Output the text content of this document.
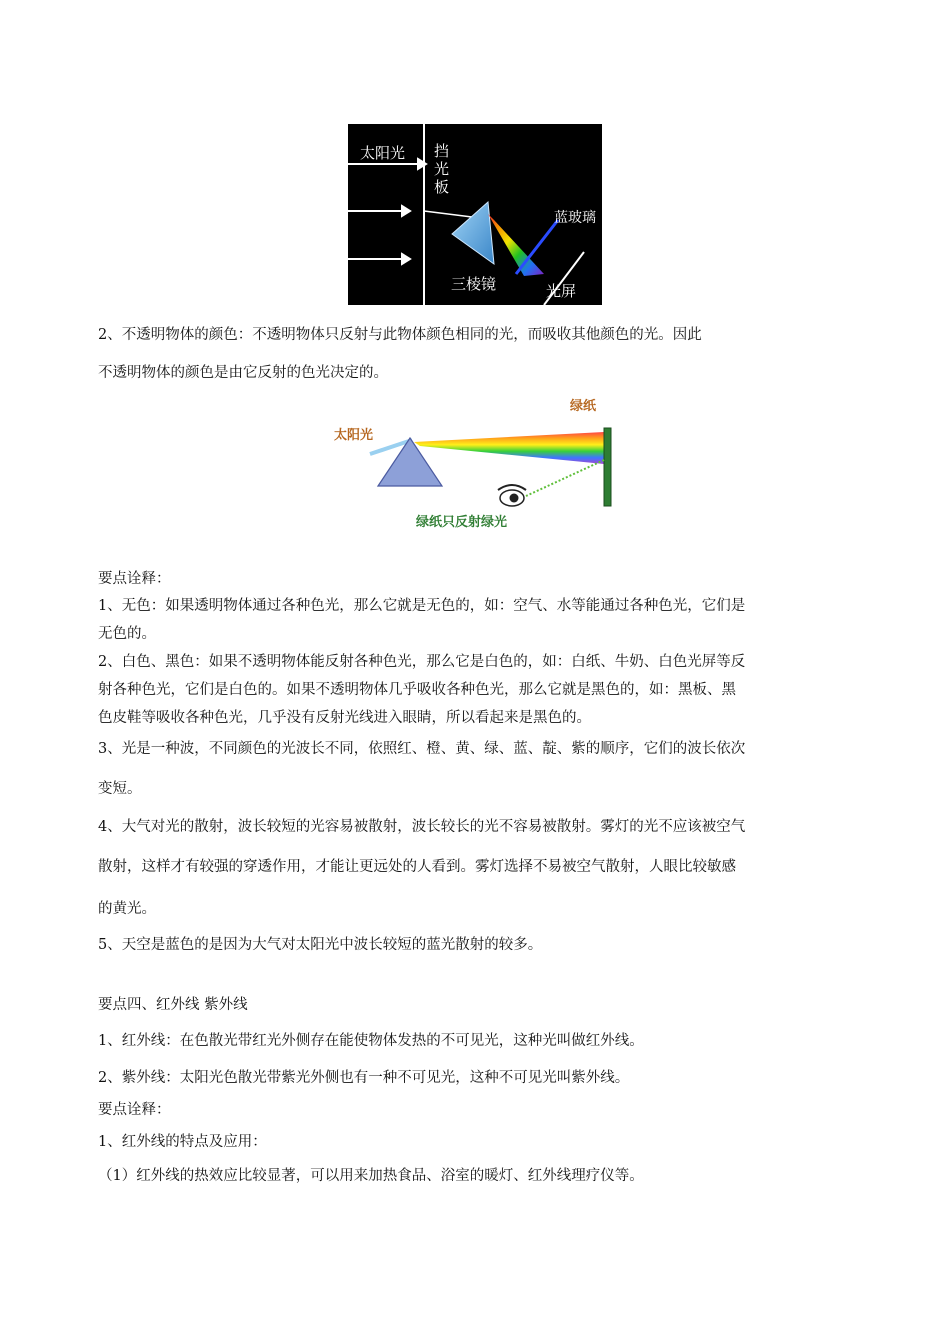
太阳光 挡
光
板
蓝玻璃
三棱镜	光屏
2、不透明物体的颜色：不透明物体只反射与此物体颜色相同的光，而吸收其他颜色的光。因此
不透明物体的颜色是由它反射的色光决定的。
绿纸
太阳光
绿纸只反射绿光
要点诠释：
1、无色：如果透明物体通过各种色光，那么它就是无色的，如：空气、水等能通过各种色光，它们是
无色的。
2、白色、黑色：如果不透明物体能反射各种色光，那么它是白色的，如：白纸、牛奶、白色光屏等反
射各种色光，它们是白色的。如果不透明物体几乎吸收各种色光，那么它就是黑色的，如：黑板、黑
色皮鞋等吸收各种色光，几乎没有反射光线进入眼睛，所以看起来是黑色的。
3、光是一种波，不同颜色的光波长不同，依照红、橙、黄、绿、蓝、靛、紫的顺序，它们的波长依次
变短。
4、大气对光的散射，波长较短的光容易被散射，波长较长的光不容易被散射。雾灯的光不应该被空气
散射，这样才有较强的穿透作用，才能让更远处的人看到。雾灯选择不易被空气散射，人眼比较敏感
的黄光。
5、天空是蓝色的是因为大气对太阳光中波长较短的蓝光散射的较多。
要点四、红外线 紫外线
1、红外线：在色散光带红光外侧存在能使物体发热的不可见光，这种光叫做红外线。
2、紫外线：太阳光色散光带紫光外侧也有一种不可见光，这种不可见光叫紫外线。
要点诠释：
1、红外线的特点及应用：
（1）红外线的热效应比较显著，可以用来加热食品、浴室的暖灯、红外线理疗仪等。
